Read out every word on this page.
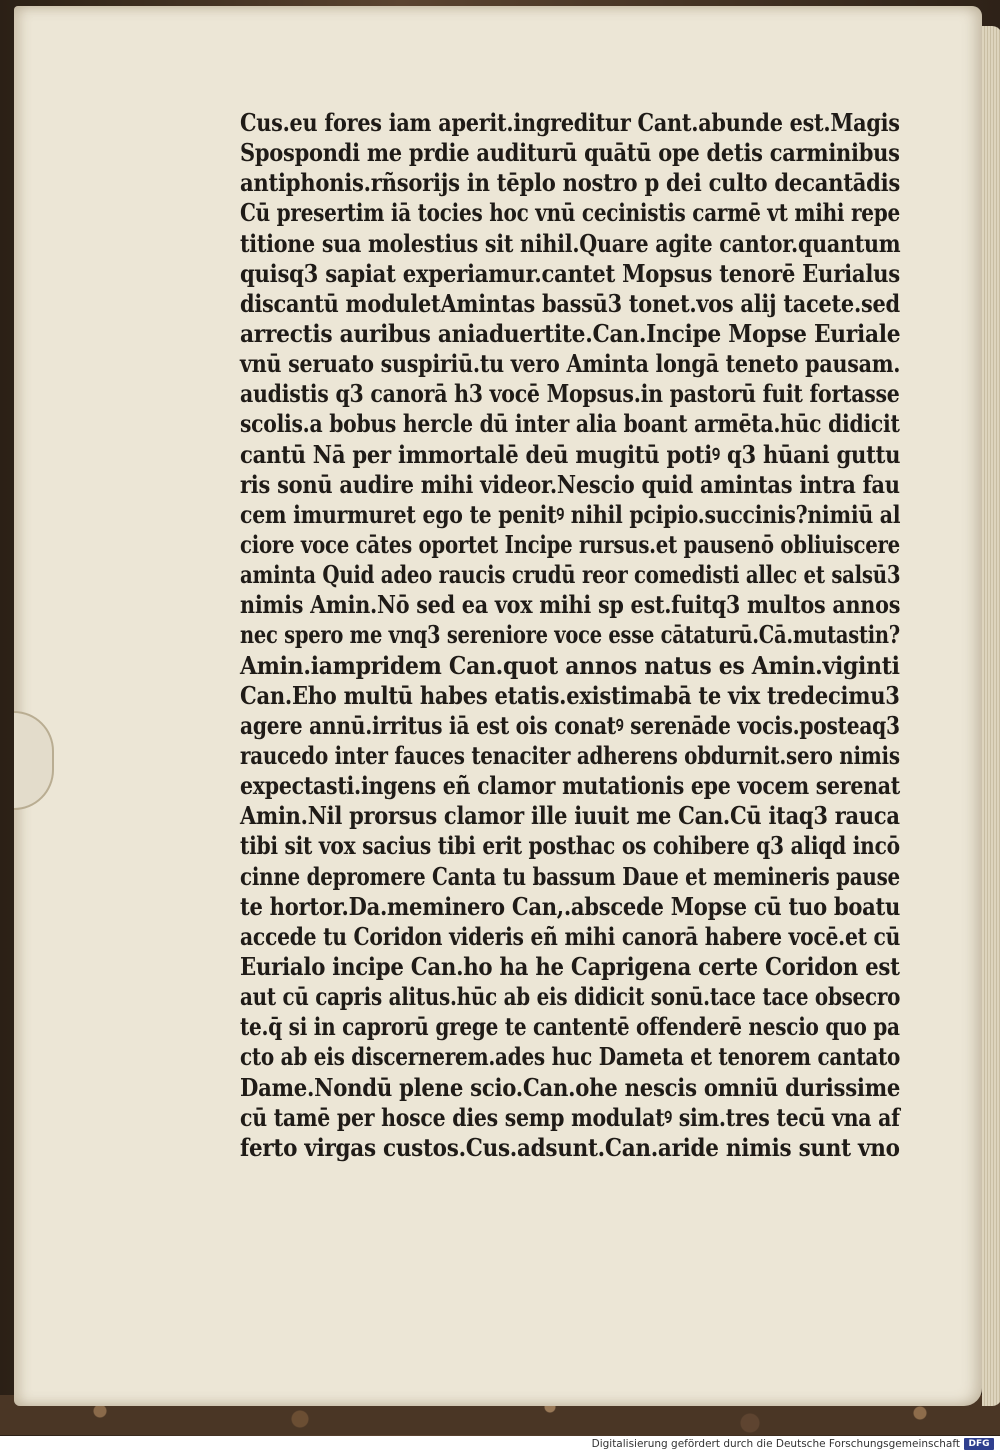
Cus.eu fores iam aperit.ingreditur Cant.abunde est.Magis
Spospondi me prdie auditurū quātū ope detis carminibus
antiphonis.rñsorijs in tēplo nostro p dei culto decantādis
Cū presertim iā tocies hoc vnū cecinistis carmē vt mihi repe
titione sua molestius sit nihil.Quare agite cantor.quantum
quisq3 sapiat experiamur.cantet Mopsus tenorē Eurialus
discantū moduletAmintas bassū3 tonet.vos alij tacete.sed
arrectis auribus aniaduertite.Can.Incipe Mopse Euriale
vnū seruato suspiriū.tu vero Aminta longā teneto pausam.
audistis q3 canorā h3 vocē Mopsus.in pastorū fuit fortasse
scolis.a bobus hercle dū inter alia boant armēta.hūc didicit
cantū Nā per immortalē deū mugitū potiꝰ q3 hūani guttu
ris sonū audire mihi videor.Nescio quid amintas intra fau
cem imurmuret ego te penitꝰ nihil pcipio.succinis?nimiū al
ciore voce cātes oportet Incipe rursus.et pausenō obliuiscere
aminta Quid adeo raucis crudū reor comedisti allec et salsū3
nimis Amin.Nō sed ea vox mihi sp est.fuitq3 multos annos
nec spero me vnq3 sereniore voce esse cātaturū.Cā.mutastin?
Amin.iampridem Can.quot annos natus es Amin.viginti
Can.Eho multū habes etatis.existimabā te vix tredecimu3
agere annū.irritus iā est ois conatꝰ serenāde vocis.posteaq3
raucedo inter fauces tenaciter adherens obdurnit.sero nimis
expectasti.ingens eñ clamor mutationis epe vocem serenat
Amin.Nil prorsus clamor ille iuuit me Can.Cū itaq3 rauca
tibi sit vox sacius tibi erit posthac os cohibere q3 aliqd incō
cinne depromere Canta tu bassum Daue et memineris pause
te hortor.Da.meminero Can,.abscede Mopse cū tuo boatu
accede tu Coridon videris eñ mihi canorā habere vocē.et cū
Eurialo incipe Can.ho ha he Caprigena certe Coridon est
aut cū capris alitus.hūc ab eis didicit sonū.tace tace obsecro
te.q̄ si in caprorū grege te cantentē offenderē nescio quo pa
cto ab eis discernerem.ades huc Dameta et tenorem cantato
Dame.Nondū plene scio.Can.ohe nescis omniū durissime
cū tamē per hosce dies semp modulatꝰ sim.tres tecū vna af
ferto virgas custos.Cus.adsunt.Can.aride nimis sunt vno
Digitalisierung gefördert durch die Deutsche Forschungsgemeinschaft DFG
